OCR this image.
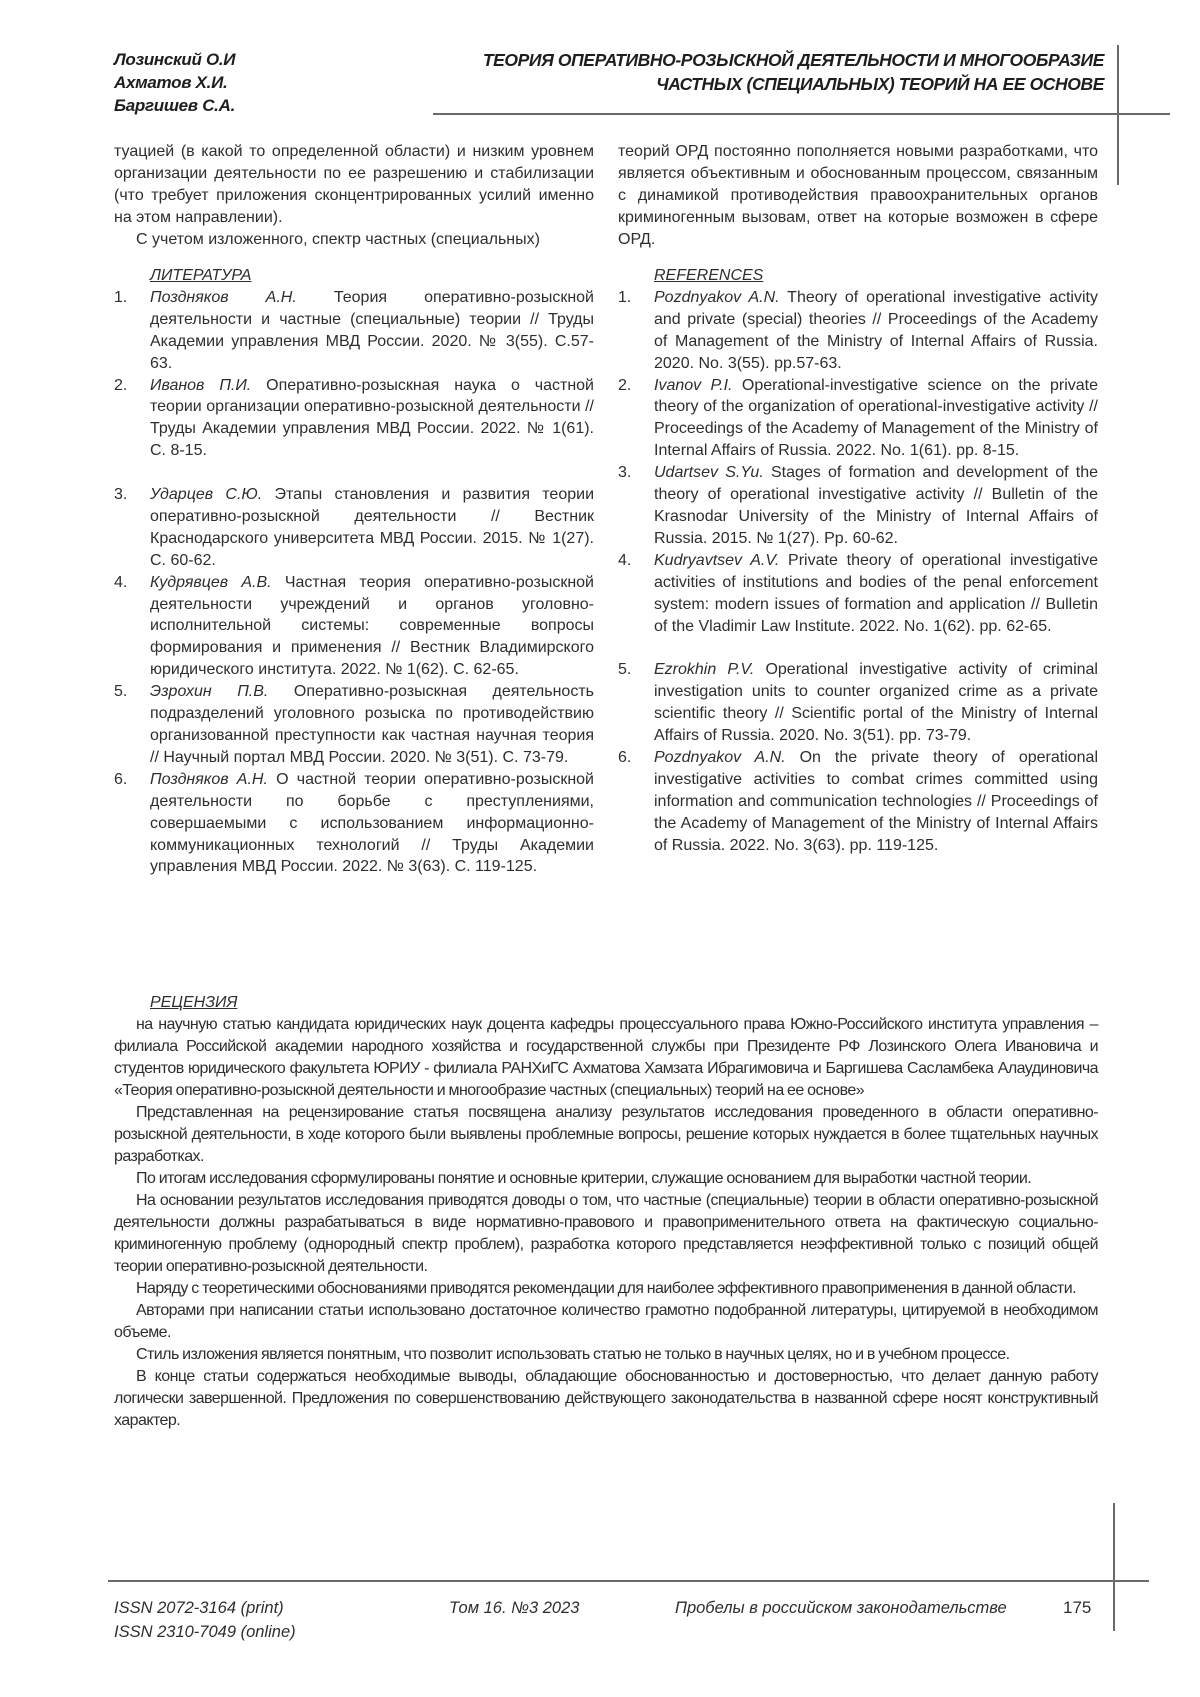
Лозинский О.И
Ахматов Х.И.
Баргишев С.А.
ТЕОРИЯ ОПЕРАТИВНО-РОЗЫСКНОЙ ДЕЯТЕЛЬНОСТИ И МНОГООБРАЗИЕ
ЧАСТНЫХ (СПЕЦИАЛЬНЫХ) ТЕОРИЙ НА ЕЕ ОСНОВЕ

туацией (в какой то определенной области) и низким уровнем организации деятельности по ее разрешению и стабилизации (что требует приложения сконцентрированных усилий именно на этом направлении).

С учетом изложенного, спектр частных (специальных)

теорий ОРД постоянно пополняется новыми разработками, что является объективным и обоснованным процессом, связанным с динамикой противодействия правоохранительных органов криминогенным вызовам, ответ на которые возможен в сфере ОРД.

ЛИТЕРАТУРА
1. Поздняков А.Н. Теория оперативно-розыскной деятельности и частные (специальные) теории // Труды Академии управления МВД России. 2020. № 3(55). С.57-63.
2. Иванов П.И. Оперативно-розыскная наука о частной теории организации оперативно-розыскной деятельности // Труды Академии управления МВД России. 2022. № 1(61). С. 8-15.
3. Ударцев С.Ю. Этапы становления и развития теории оперативно-розыскной деятельности // Вестник Краснодарского университета МВД России. 2015. № 1(27). С. 60-62.
4. Кудрявцев А.В. Частная теория оперативно-розыскной деятельности учреждений и органов уголовно-исполнительной системы: современные вопросы формирования и применения // Вестник Владимирского юридического института. 2022. № 1(62). С. 62-65.
5. Эзрохин П.В. Оперативно-розыскная деятельность подразделений уголовного розыска по противодействию организованной преступности как частная научная теория // Научный портал МВД России. 2020. № 3(51). С. 73-79.
6. Поздняков А.Н. О частной теории оперативно-розыскной деятельности по борьбе с преступлениями, совершаемыми с использованием информационно-коммуникационных технологий // Труды Академии управления МВД России. 2022. № 3(63). С. 119-125.
REFERENCES
1. Pozdnyakov A.N. Theory of operational investigative activity and private (special) theories // Proceedings of the Academy of Management of the Ministry of Internal Affairs of Russia. 2020. No. 3(55). pp.57-63.
2. Ivanov P.I. Operational-investigative science on the private theory of the organization of operational-investigative activity // Proceedings of the Academy of Management of the Ministry of Internal Affairs of Russia. 2022. No. 1(61). pp. 8-15.
3. Udartsev S.Yu. Stages of formation and development of the theory of operational investigative activity // Bulletin of the Krasnodar University of the Ministry of Internal Affairs of Russia. 2015. № 1(27). Pp. 60-62.
4. Kudryavtsev A.V. Private theory of operational investigative activities of institutions and bodies of the penal enforcement system: modern issues of formation and application // Bulletin of the Vladimir Law Institute. 2022. No. 1(62). pp. 62-65.
5. Ezrokhin P.V. Operational investigative activity of criminal investigation units to counter organized crime as a private scientific theory // Scientific portal of the Ministry of Internal Affairs of Russia. 2020. No. 3(51). pp. 73-79.
6. Pozdnyakov A.N. On the private theory of operational investigative activities to combat crimes committed using information and communication technologies // Proceedings of the Academy of Management of the Ministry of Internal Affairs of Russia. 2022. No. 3(63). pp. 119-125.
РЕЦЕНЗИЯ

на научную статью кандидата юридических наук доцента кафедры процессуального права Южно-Российского института управления – филиала Российской академии народного хозяйства и государственной службы при Президенте РФ Лозинского Олега Ивановича и студентов юридического факультета ЮРИУ - филиала РАНХиГС Ахматова Хамзата Ибрагимовича и Баргишева Сасламбека Алаудиновича «Теория оперативно-розыскной деятельности и многообразие частных (специальных) теорий на ее основе»

Представленная на рецензирование статья посвящена анализу результатов исследования проведенного в области оперативно-розыскной деятельности, в ходе которого были выявлены проблемные вопросы, решение которых нуждается в более тщательных научных разработках.

По итогам исследования сформулированы понятие и основные критерии, служащие основанием для выработки частной теории.

На основании результатов исследования приводятся доводы о том, что частные (специальные) теории в области оперативно-розыскной деятельности должны разрабатываться в виде нормативно-правового и правоприменительного ответа на фактическую социально-криминогенную проблему (однородный спектр проблем), разработка которого представляется неэффективной только с позиций общей теории оперативно-розыскной деятельности.

Наряду с теоретическими обоснованиями приводятся рекомендации для наиболее эффективного правоприменения в данной области.

Авторами при написании статьи использовано достаточное количество грамотно подобранной литературы, цитируемой в необходимом объеме.

Стиль изложения является понятным, что позволит использовать статью не только в научных целях, но и в учебном процессе.

В конце статьи содержаться необходимые выводы, обладающие обоснованностью и достоверностью, что делает данную работу логически завершенной. Предложения по совершенствованию действующего законодательства в названной сфере носят конструктивный характер.

ISSN 2072-3164 (print)
ISSN 2310-7049 (online)
Том 16. №3 2023	Пробелы в российском законодательстве	175
